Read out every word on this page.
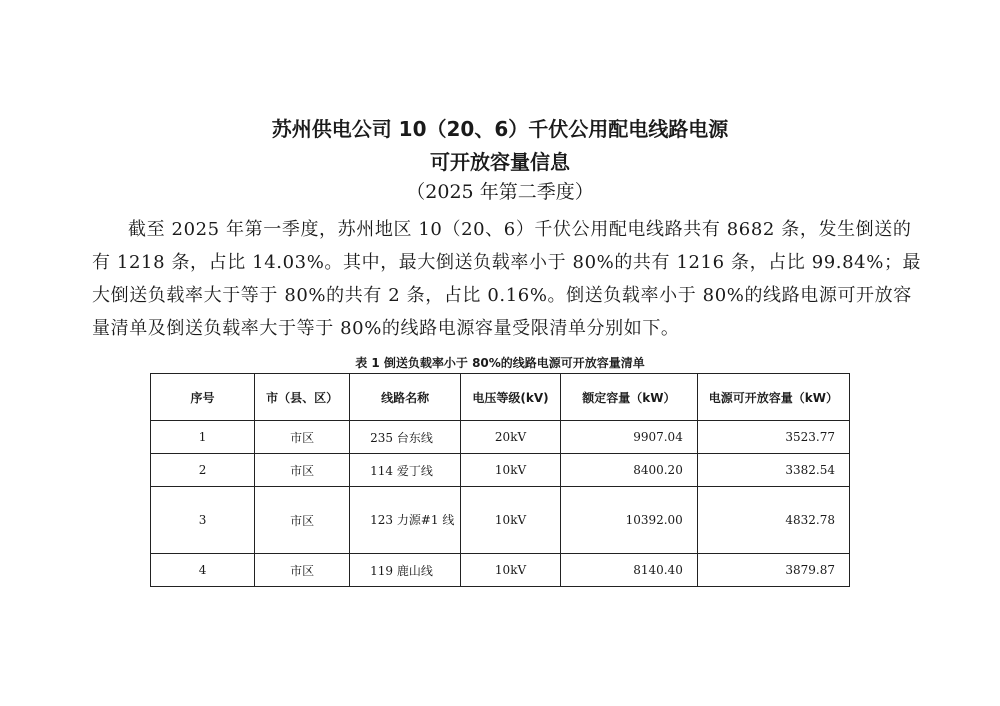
苏州供电公司 10（20、6）千伏公用配电线路电源
可开放容量信息
（2025 年第二季度）

截至 2025 年第一季度，苏州地区 10（20、6）千伏公用配电线路共有 8682 条，发生倒送的有 1218 条，占比 14.03%。其中，最大倒送负载率小于 80%的共有 1216 条，占比 99.84%；最大倒送负载率大于等于 80%的共有 2 条，占比 0.16%。倒送负载率小于 80%的线路电源可开放容量清单及倒送负载率大于等于 80%的线路电源容量受限清单分别如下。

表 1 倒送负载率小于 80%的线路电源可开放容量清单
序号	市（县、区）	线路名称	电压等级(kV)	额定容量（kW）	电源可开放容量（kW）
1	市区	235 台东线	20kV	9907.04	3523.77
2	市区	114 爱丁线	10kV	8400.20	3382.54
3	市区	123 力源#1 线	10kV	10392.00	4832.78
4	市区	119 鹿山线	10kV	8140.40	3879.87
